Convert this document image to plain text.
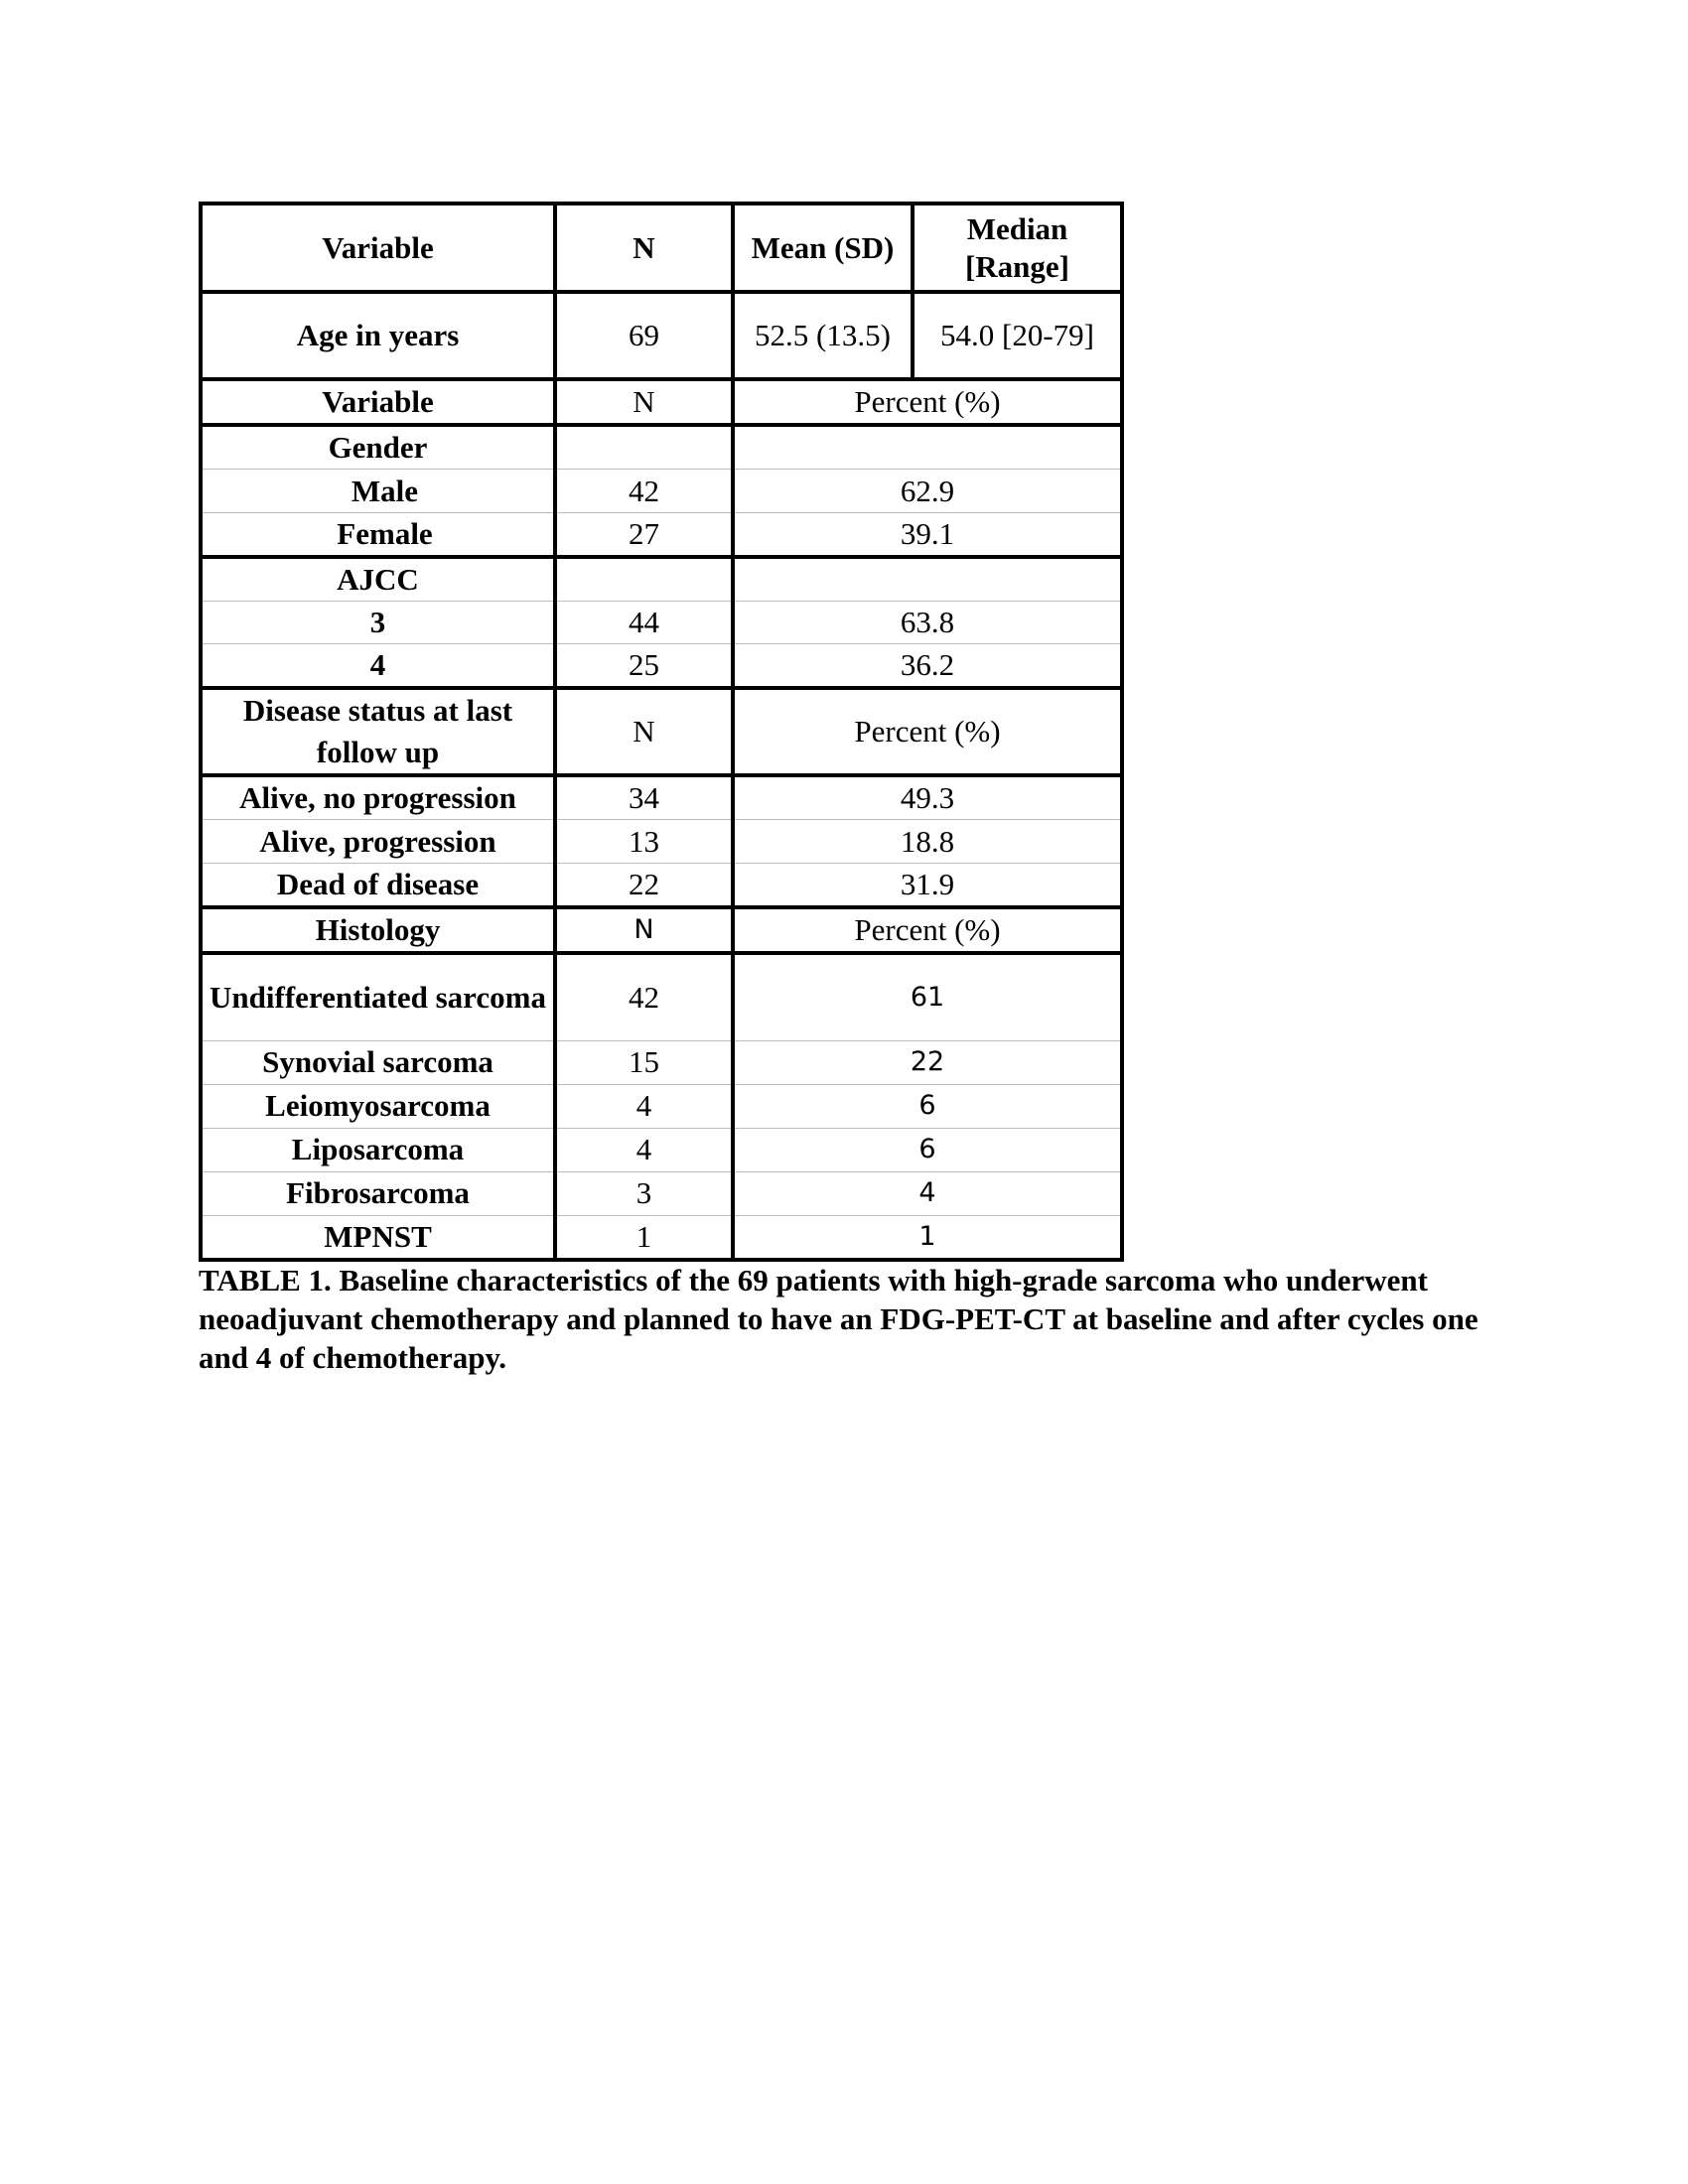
Variable	N	Mean (SD)	Median [Range]
Age in years	69	52.5 (13.5)	54.0 [20-79]
Variable	N	Percent (%)	
Gender			
Male	42	62.9	
Female	27	39.1	
AJCC			
3	44	63.8	
4	25	36.2	
Disease status at last follow up	N	Percent (%)	
Alive, no progression	34	49.3	
Alive, progression	13	18.8	
Dead of disease	22	31.9	
Histology	N	Percent (%)	
Undifferentiated sarcoma	42	61	
Synovial sarcoma	15	22	
Leiomyosarcoma	4	6	
Liposarcoma	4	6	
Fibrosarcoma	3	4	
MPNST	1	1	
TABLE 1. Baseline characteristics of the 69 patients with high-grade sarcoma who underwent neoadjuvant chemotherapy and planned to have an FDG-PET-CT at baseline and after cycles one and 4 of chemotherapy.
